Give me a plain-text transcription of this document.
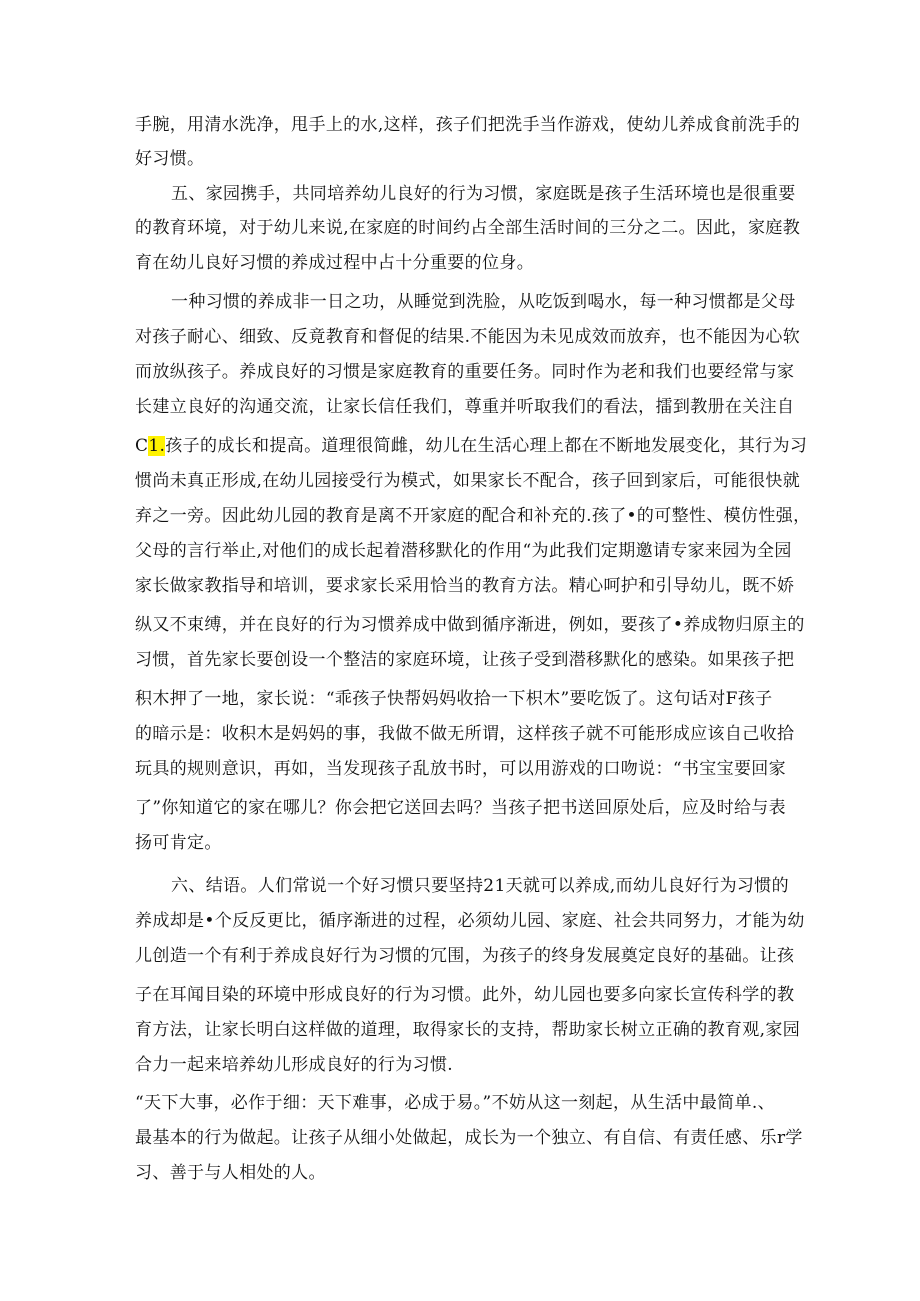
手腕，用清水洗净，甩手上的水,这样，孩子们把洗手当作游戏，使幼儿养成食前洗手的
好习惯。
五、家园携手，共同培养幼儿良好的行为习惯，家庭既是孩子生活环境也是很重要
的教育环境，对于幼儿来说,在家庭的时间约占全部生活时间的三分之二。因此，家庭教
育在幼儿良好习惯的养成过程中占十分重要的位身。
一种习惯的养成非一日之功，从睡觉到洗脸，从吃饭到喝水，每一种习惯都是父母
对孩子耐心、细致、反竟教育和督促的结果.不能因为未见成效而放弃，也不能因为心软
而放纵孩子。养成良好的习惯是家庭教育的重要任务。同时作为老和我们也要经常与家
长建立良好的沟通交流，让家长信任我们，尊重并听取我们的看法，擂到教册在关注自
C1.孩子的成长和提高。道理很简雌，幼儿在生活心理上都在不断地发展变化，其行为习
惯尚未真正形成,在幼儿园接受行为模式，如果家长不配合，孩子回到家后，可能很快就
弃之一旁。因此幼儿园的教育是离不开家庭的配合和补充的.孩了•的可整性、模仿性强，
父母的言行举止,对他们的成长起着潜移默化的作用“为此我们定期邀请专家来园为全园
家长做家教指导和培训，要求家长采用恰当的教育方法。精心呵护和引导幼儿，既不娇
纵又不束缚，并在良好的行为习惯养成中做到循序渐进，例如，要孩了•养成物归原主的
习惯，首先家长要创设一个整洁的家庭环境，让孩子受到潜移默化的感染。如果孩子把
积木押了一地，家长说：“乖孩子快帮妈妈收拾一下枳木”要吃饭了。这句话对F孩子
的暗示是：收积木是妈妈的事，我做不做无所谓，这样孩子就不可能形成应该自己收拾
玩具的规则意识，再如，当发现孩子乱放书时，可以用游戏的口吻说：“书宝宝要回家
了”你知道它的家在哪儿？你会把它送回去吗？当孩子把书送回原处后，应及时给与表
扬可肯定。
六、结语。人们常说一个好习惯只要坚持21天就可以养成,而幼儿良好行为习惯的
养成却是•个反反更比，循序渐进的过程，必须幼儿园、家庭、社会共同努力，才能为幼
儿创造一个有利于养成良好行为习惯的冗围，为孩子的终身发展奠定良好的基础。让孩
子在耳闻目染的环境中形成良好的行为习惯。此外，幼儿园也要多向家长宣传科学的教
育方法，让家长明白这样做的道理，取得家长的支持，帮助家长树立正确的教育观,家园
合力一起来培养幼儿形成良好的行为习惯.
“天下大事，必作于细：天下难事，必成于易。”不妨从这一刻起，从生活中最简单.、
最基本的行为做起。让孩子从细小处做起，成长为一个独立、有自信、有责任感、乐r学
习、善于与人相处的人。
